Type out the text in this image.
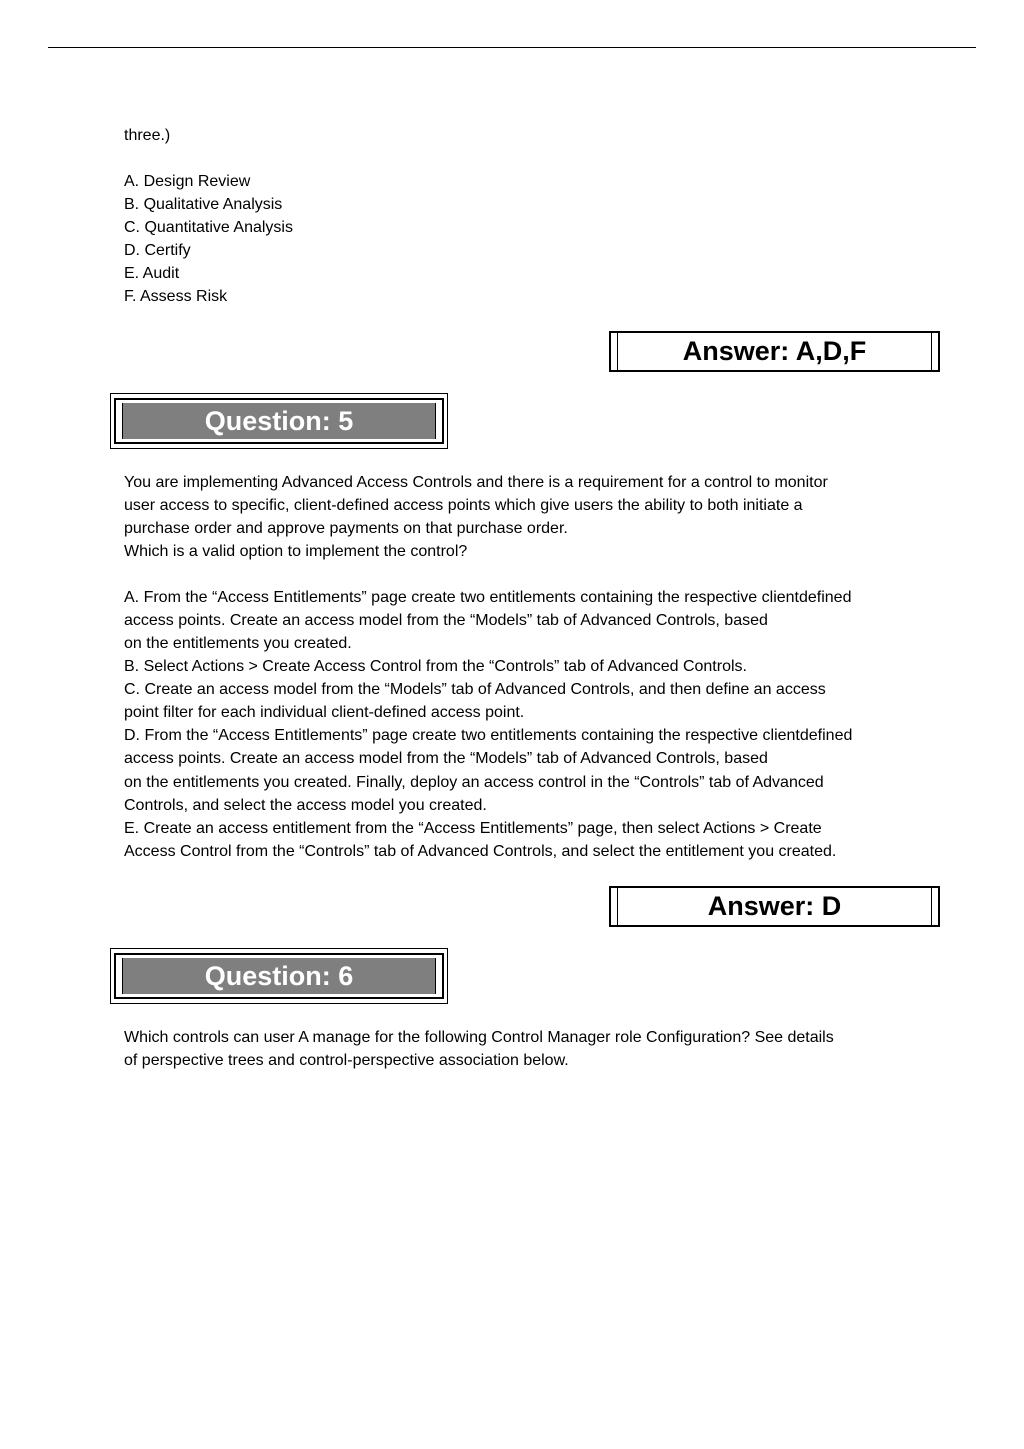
three.)
A. Design Review
B. Qualitative Analysis
C. Quantitative Analysis
D. Certify
E. Audit
F. Assess Risk
Answer: A,D,F
Question: 5
You are implementing Advanced Access Controls and there is a requirement for a control to monitor
user access to specific, client-defined access points which give users the ability to both initiate a
purchase order and approve payments on that purchase order.
Which is a valid option to implement the control?
A. From the “Access Entitlements” page create two entitlements containing the respective clientdefined
access points. Create an access model from the “Models” tab of Advanced Controls, based
on the entitlements you created.
B. Select Actions > Create Access Control from the “Controls” tab of Advanced Controls.
C. Create an access model from the “Models” tab of Advanced Controls, and then define an access
point filter for each individual client-defined access point.
D. From the “Access Entitlements” page create two entitlements containing the respective clientdefined
access points. Create an access model from the “Models” tab of Advanced Controls, based
on the entitlements you created. Finally, deploy an access control in the “Controls” tab of Advanced
Controls, and select the access model you created.
E. Create an access entitlement from the “Access Entitlements” page, then select Actions > Create
Access Control from the “Controls” tab of Advanced Controls, and select the entitlement you created.
Answer: D
Question: 6
Which controls can user A manage for the following Control Manager role Configuration? See details
of perspective trees and control-perspective association below.
